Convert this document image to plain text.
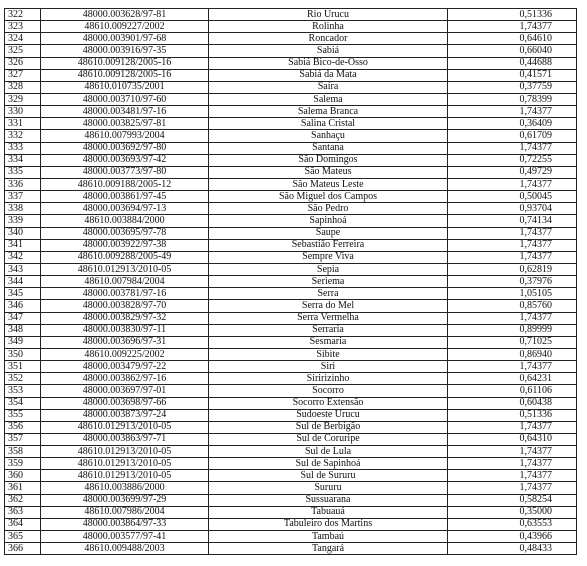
322	48000.003628/97-81	Rio Urucu	0,51336
323	48610.009227/2002	Rolinha	1,74377
324	48000.003901/97-68	Roncador	0,64610
325	48000.003916/97-35	Sabiá	0,66040
326	48610.009128/2005-16	Sabiá Bico-de-Osso	0,44688
327	48610.009128/2005-16	Sabiá da Mata	0,41571
328	48610.010735/2001	Saíra	0,37759
329	48000.003710/97-60	Salema	0,78399
330	48000.003481/97-16	Salema Branca	1,74377
331	48000.003825/97-81	Salina Cristal	0,36409
332	48610.007993/2004	Sanhaçu	0,61709
333	48000.003692/97-80	Santana	1,74377
334	48000.003693/97-42	São Domingos	0,72255
335	48000.003773/97-80	São Mateus	0,49729
336	48610.009188/2005-12	São Mateus Leste	1,74377
337	48000.003861/97-45	São Miguel dos Campos	0,50045
338	48000.003694/97-13	São Pedro	0,93704
339	48610.003884/2000	Sapinhoá	0,74134
340	48000.003695/97-78	Saupe	1,74377
341	48000.003922/97-38	Sebastião Ferreira	1,74377
342	48610.009288/2005-49	Sempre Viva	1,74377
343	48610.012913/2010-05	Sepia	0,62819
344	48610.007984/2004	Seriema	0,37976
345	48000.003781/97-16	Serra	1,05105
346	48000.003828/97-70	Serra do Mel	0,85760
347	48000.003829/97-32	Serra Vermelha	1,74377
348	48000.003830/97-11	Serraria	0,89999
349	48000.003696/97-31	Sesmaria	0,71025
350	48610.009225/2002	Sibite	0,86940
351	48000.003479/97-22	Siri	1,74377
352	48000.003862/97-16	Siririzinho	0,64231
353	48000.003697/97-01	Socorro	0,61106
354	48000.003698/97-66	Socorro Extensão	0,60438
355	48000.003873/97-24	Sudoeste Urucu	0,51336
356	48610.012913/2010-05	Sul de Berbigão	1,74377
357	48000.003863/97-71	Sul de Coruripe	0,64310
358	48610.012913/2010-05	Sul de Lula	1,74377
359	48610.012913/2010-05	Sul de Sapinhoá	1,74377
360	48610.012913/2010-05	Sul de Sururu	1,74377
361	48610.003886/2000	Sururu	1,74377
362	48000.003699/97-29	Sussuarana	0,58254
363	48610.007986/2004	Tabuauá	0,35000
364	48000.003864/97-33	Tabuleiro dos Martins	0,63553
365	48000.003577/97-41	Tambaú	0,43966
366	48610.009488/2003	Tangará	0,48433
